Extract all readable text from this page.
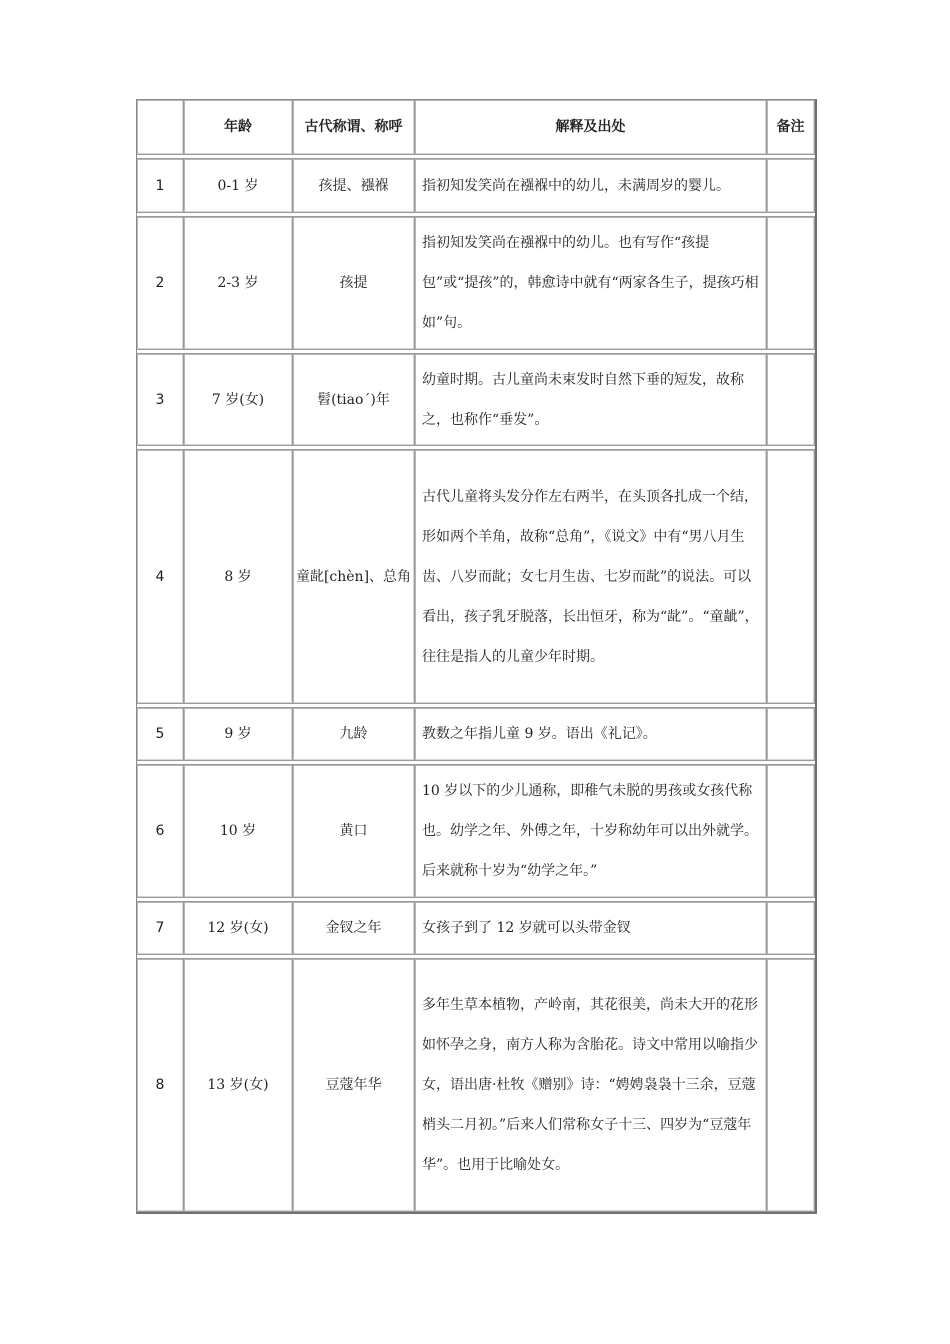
	年龄	古代称谓、称呼	解释及出处	备注

1	0-1 岁	孩提、襁褓	指初知发笑尚在襁褓中的幼儿，未满周岁的婴儿。	

2	2-3 岁	孩提	指初知发笑尚在襁褓中的幼儿。也有写作“孩提包”或“提孩”的，韩愈诗中就有“两家各生子，提孩巧相如”句。	

3	7 岁(女)	髫(tiao´)年	幼童时期。古儿童尚未束发时自然下垂的短发，故称之，也称作“垂发”。	

4	8 岁	童龀[chèn]、总角	古代儿童将头发分作左右两半，在头顶各扎成一个结，形如两个羊角，故称“总角”，《说文》中有“男八月生齿、八岁而龀；女七月生齿、七岁而龀”的说法。可以看出，孩子乳牙脱落，长出恒牙，称为“龀”。“童龇”，往往是指人的儿童少年时期。	

5	9 岁	九龄	教数之年指儿童 9 岁。语出《礼记》。	

6	10 岁	黄口	10 岁以下的少儿通称，即稚气未脱的男孩或女孩代称也。幼学之年、外傅之年，十岁称幼年可以出外就学。后来就称十岁为“幼学之年。”	

7	12 岁(女)	金钗之年	女孩子到了 12 岁就可以头带金钗	

8	13 岁(女)	豆蔻年华	多年生草本植物，产岭南，其花很美，尚未大开的花形如怀孕之身，南方人称为含胎花。诗文中常用以喻指少女，语出唐·杜牧《赠别》诗：“娉娉袅袅十三余，豆蔻梢头二月初。”后来人们常称女子十三、四岁为“豆蔻年华”。也用于比喻处女。	
